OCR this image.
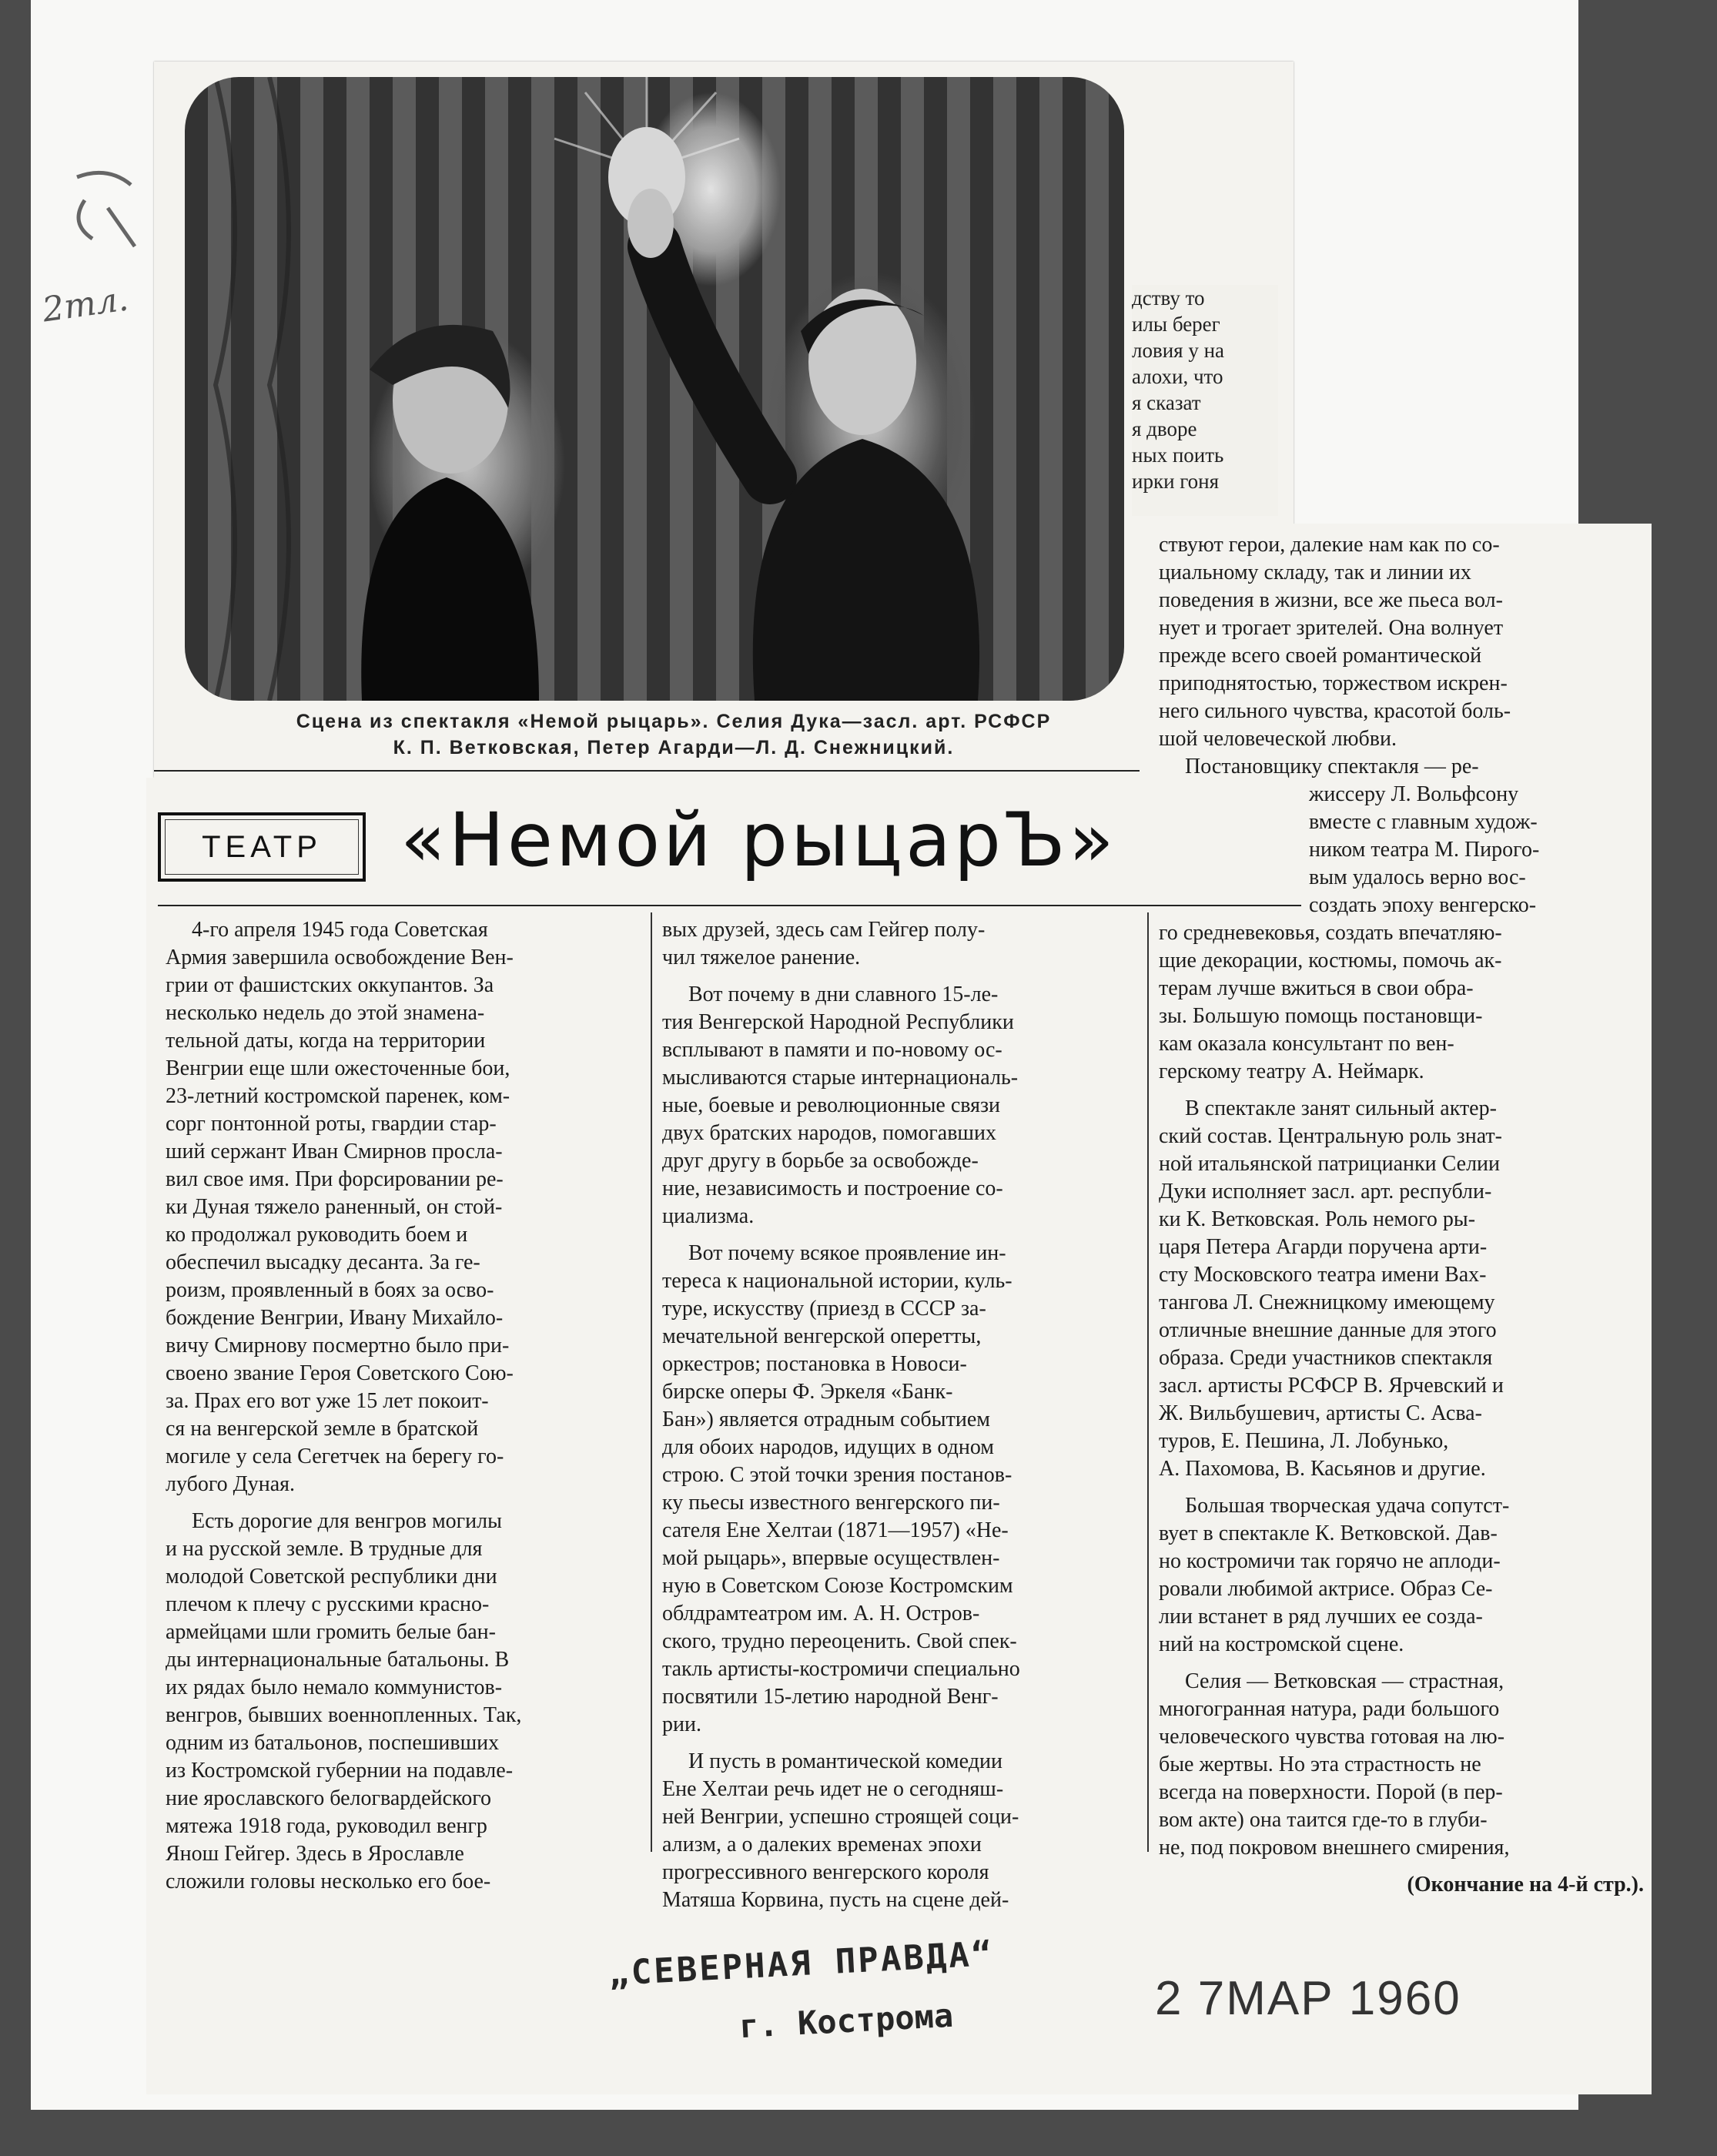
2тл.	дству то
илы берег
ловия у на
алохи, что
я сказат
я дворе
ных поить
ирки гоня
Сцена из спектакля «Немой рыцарь». Селия Дука—засл. арт. РСФСР
К. П. Ветковская, Петер Агарди—Л. Д. Снежницкий.
ТЕАТР	«Немой рыцарЪ»
4-го апреля 1945 года Советская
Армия завершила освобождение Вен-
грии от фашистских оккупантов. За
несколько недель до этой знамена-
тельной даты, когда на территории
Венгрии еще шли ожесточенные бои,
23-летний костромской паренек, ком-
сорг понтонной роты, гвардии стар-
ший сержант Иван Смирнов просла-
вил свое имя. При форсировании ре-
ки Дуная тяжело раненный, он стой-
ко продолжал руководить боем и
обеспечил высадку десанта. За ге-
роизм, проявленный в боях за осво-
бождение Венгрии, Ивану Михайло-
вичу Смирнову посмертно было при-
своено звание Героя Советского Сою-
за. Прах его вот уже 15 лет покоит-
ся на венгерской земле в братской
могиле у села Сегетчек на берегу го-
лубого Дуная.
Есть дорогие для венгров могилы
и на русской земле. В трудные для
молодой Советской республики дни
плечом к плечу с русскими красно-
армейцами шли громить белые бан-
ды интернациональные батальоны. В
их рядах было немало коммунистов-
венгров, бывших военнопленных. Так,
одним из батальонов, поспешивших
из Костромской губернии на подавле-
ние ярославского белогвардейского
мятежа 1918 года, руководил венгр
Янош Гейгер. Здесь в Ярославле
сложили головы несколько его бое-
вых друзей, здесь сам Гейгер полу-
чил тяжелое ранение.
Вот почему в дни славного 15-ле-
тия Венгерской Народной Республики
всплывают в памяти и по-новому ос-
мысливаются старые интернациональ-
ные, боевые и революционные связи
двух братских народов, помогавших
друг другу в борьбе за освобожде-
ние, независимость и построение со-
циализма.
Вот почему всякое проявление ин-
тереса к национальной истории, куль-
туре, искусству (приезд в СССР за-
мечательной венгерской оперетты,
оркестров; постановка в Новоси-
бирске оперы Ф. Эркеля «Банк-
Бан») является отрадным событием
для обоих народов, идущих в одном
строю. С этой точки зрения постанов-
ку пьесы известного венгерского пи-
сателя Ене Хелтаи (1871—1957) «Не-
мой рыцарь», впервые осуществлен-
ную в Советском Союзе Костромским
облдрамтеатром им. А. Н. Остров-
ского, трудно переоценить. Свой спек-
такль артисты-костромичи специально
посвятили 15-летию народной Венг-
рии.
И пусть в романтической комедии
Ене Хелтаи речь идет не о сегодняш-
ней Венгрии, успешно строящей соци-
ализм, а о далеких временах эпохи
прогрессивного венгерского короля
Матяша Корвина, пусть на сцене дей-
ствуют герои, далекие нам как по со-
циальному складу, так и линии их
поведения в жизни, все же пьеса вол-
нует и трогает зрителей. Она волнует
прежде всего своей романтической
приподнятостью, торжеством искрен-
него сильного чувства, красотой боль-
шой человеческой любви.
Постановщику спектакля — ре-
жиссеру Л. Вольфсону
вместе с главным худож-
ником театра М. Пирого-
вым удалось верно вос-
создать эпоху венгерско-
го средневековья, создать впечатляю-
щие декорации, костюмы, помочь ак-
терам лучше вжиться в свои обра-
зы. Большую помощь постановщи-
кам оказала консультант по вен-
герскому театру А. Неймарк.
В спектакле занят сильный актер-
ский состав. Центральную роль знат-
ной итальянской патрицианки Селии
Дуки исполняет засл. арт. республи-
ки К. Ветковская. Роль немого ры-
царя Петера Агарди поручена арти-
сту Московского театра имени Вах-
тангова Л. Снежницкому имеющему
отличные внешние данные для этого
образа. Среди участников спектакля
засл. артисты РСФСР В. Ярчевский и
Ж. Вильбушевич, артисты С. Асва-
туров, Е. Пешина, Л. Лобунько,
А. Пахомова, В. Касьянов и другие.
Большая творческая удача сопутст-
вует в спектакле К. Ветковской. Дав-
но костромичи так горячо не аплоди-
ровали любимой актрисе. Образ Се-
лии встанет в ряд лучших ее созда-
ний на костромской сцене.
Селия — Ветковская — страстная,
многогранная натура, ради большого
человеческого чувства готовая на лю-
бые жертвы. Но эта страстность не
всегда на поверхности. Порой (в пер-
вом акте) она таится где-то в глуби-
не, под покровом внешнего смирения,
(Окончание на 4-й стр.).
„СЕВЕРНАЯ ПРАВДА“
г. Кострома	2 7МАР 1960
